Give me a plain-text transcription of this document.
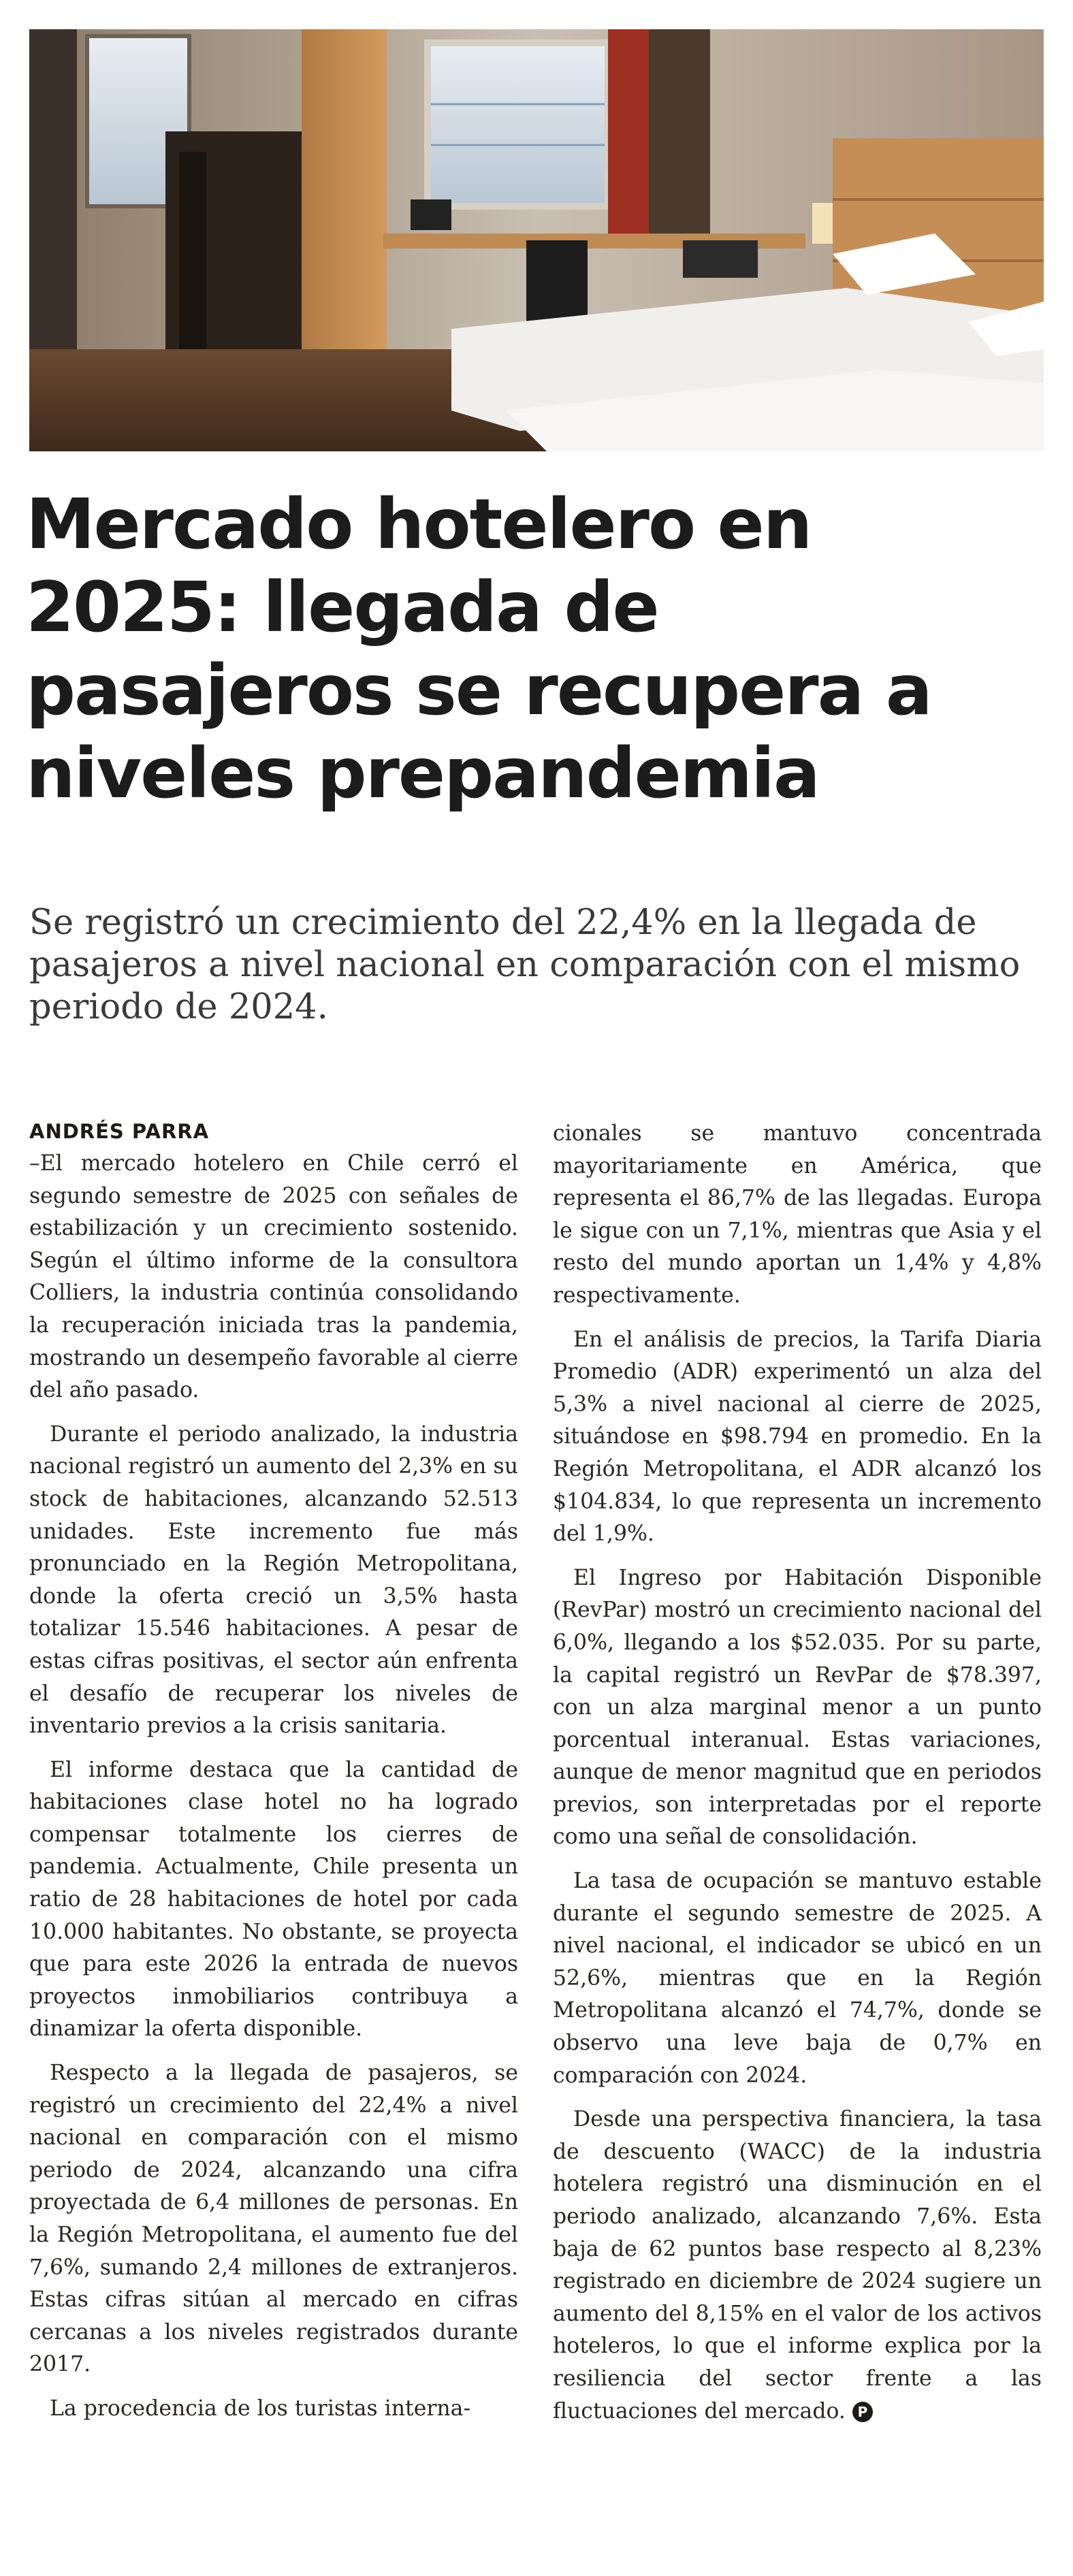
Mercado hotelero en 2025: llegada de pasajeros se recupera a niveles prepandemia

Se registró un crecimiento del 22,4% en la llegada de pasajeros a nivel nacional en comparación con el mismo periodo de 2024.

ANDRÉS PARRA

–El mercado hotelero en Chile cerró el segundo semestre de 2025 con señales de estabilización y un crecimiento sostenido. Según el último informe de la consultora Colliers, la industria continúa consolidando la recuperación iniciada tras la pandemia, mostrando un desempeño favorable al cierre del año pasado.

Durante el periodo analizado, la industria nacional registró un aumento del 2,3% en su stock de habitaciones, alcanzando 52.513 unidades. Este incremento fue más pronunciado en la Región Metropolitana, donde la oferta creció un 3,5% hasta totalizar 15.546 habitaciones. A pesar de estas cifras positivas, el sector aún enfrenta el desafío de recuperar los niveles de inventario previos a la crisis sanitaria.

El informe destaca que la cantidad de habitaciones clase hotel no ha logrado compensar totalmente los cierres de pandemia. Actualmente, Chile presenta un ratio de 28 habitaciones de hotel por cada 10.000 habitantes. No obstante, se proyecta que para este 2026 la entrada de nuevos proyectos inmobiliarios contribuya a dinamizar la oferta disponible.

Respecto a la llegada de pasajeros, se registró un crecimiento del 22,4% a nivel nacional en comparación con el mismo periodo de 2024, alcanzando una cifra proyectada de 6,4 millones de personas. En la Región Metropolitana, el aumento fue del 7,6%, sumando 2,4 millones de extranjeros. Estas cifras sitúan al mercado en cifras cercanas a los niveles registrados durante 2017.

La procedencia de los turistas interna-

cionales se mantuvo concentrada mayoritariamente en América, que representa el 86,7% de las llegadas. Europa le sigue con un 7,1%, mientras que Asia y el resto del mundo aportan un 1,4% y 4,8% respectivamente.

En el análisis de precios, la Tarifa Diaria Promedio (ADR) experimentó un alza del 5,3% a nivel nacional al cierre de 2025, situándose en $98.794 en promedio. En la Región Metropolitana, el ADR alcanzó los $104.834, lo que representa un incremento del 1,9%.

El Ingreso por Habitación Disponible (RevPar) mostró un crecimiento nacional del 6,0%, llegando a los $52.035. Por su parte, la capital registró un RevPar de $78.397, con un alza marginal menor a un punto porcentual interanual. Estas variaciones, aunque de menor magnitud que en periodos previos, son interpretadas por el reporte como una señal de consolidación.

La tasa de ocupación se mantuvo estable durante el segundo semestre de 2025. A nivel nacional, el indicador se ubicó en un 52,6%, mientras que en la Región Metropolitana alcanzó el 74,7%, donde se observo una leve baja de 0,7% en comparación con 2024.

Desde una perspectiva financiera, la tasa de descuento (WACC) de la industria hotelera registró una disminución en el periodo analizado, alcanzando 7,6%. Esta baja de 62 puntos base respecto al 8,23% registrado en diciembre de 2024 sugiere un aumento del 8,15% en el valor de los activos hoteleros, lo que el informe explica por la resiliencia del sector frente a las fluctuaciones del mercado. P
